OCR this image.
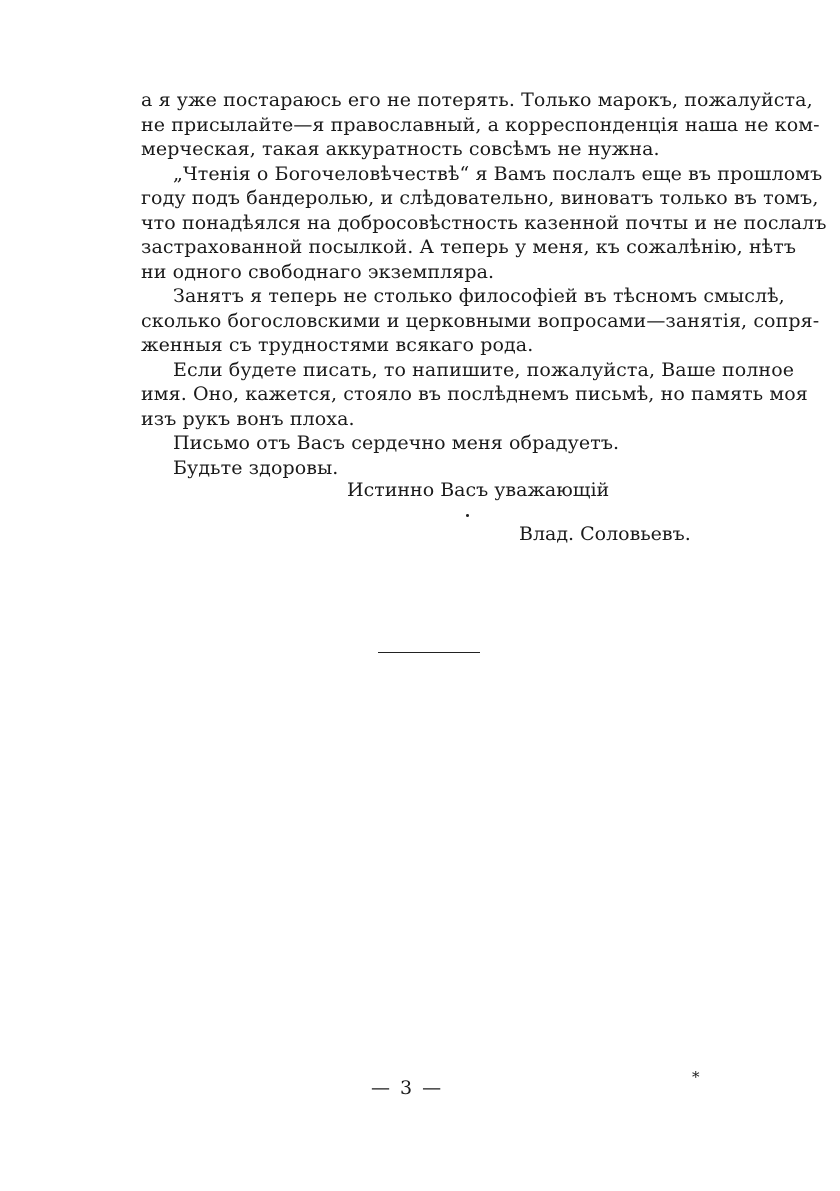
а я уже постараюсь его не потерять. Только марокъ, пожалуйста,
не присылайте—я православный, а корреспонденція наша не ком-
мерческая, такая аккуратность совсѣмъ не нужна.
„Чтенія о Богочеловѣчествѣ“ я Вамъ послалъ еще въ прошломъ
году подъ бандеролью, и слѣдовательно, виноватъ только въ томъ,
что понадѣялся на добросовѣстность казенной почты и не послалъ
застрахованной посылкой. А теперь у меня, къ сожалѣнію, нѣтъ
ни одного свободнаго экземпляра.
Занятъ я теперь не столько философіей въ тѣсномъ смыслѣ,
сколько богословскими и церковными вопросами—занятія, сопря-
женныя съ трудностями всякаго рода.
Если будете писать, то напишите, пожалуйста, Ваше полное
имя. Оно, кажется, стояло въ послѣднемъ письмѣ, но память моя
изъ рукъ вонъ плоха.
Письмо отъ Васъ сердечно меня обрадуетъ.
Будьте здоровы.
Истинно Васъ уважающій
Влад. Соловьевъ.
— 3 —	*
